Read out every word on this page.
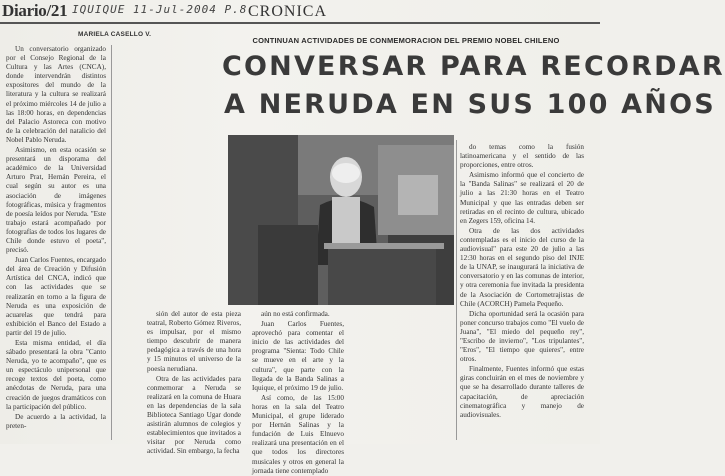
Diario/21 IQUIQUE 11-Jul-2004 P.8 CRONICA
MARIELA CASELLO V.
CONTINUAN ACTIVIDADES DE CONMEMORACION DEL PREMIO NOBEL CHILENO
CONVERSAR PARA RECORDAR
A NERUDA EN SUS 100 AÑOS

Un conversatorio organizado por el Consejo Regional de la Cultura y las Artes (CNCA), donde intervendrán distintos expositores del mundo de la literatura y la cultura se realizará el próximo miércoles 14 de julio a las 18:00 horas, en dependencias del Palacio Astoreca con motivo de la celebración del natalicio del Nobel Pablo Neruda.

Asimismo, en esta ocasión se presentará un disporama del académico de la Universidad Arturo Prat, Hernán Pereira, el cual según su autor es una asociación de imágenes fotográficas, música y fragmentos de poesía leídos por Neruda. "Este trabajo estará acompañado por fotografías de todos los lugares de Chile donde estuvo el poeta", precisó.

Juan Carlos Fuentes, encargado del área de Creación y Difusión Artística del CNCA, indicó que con las actividades que se realizarán en torno a la figura de Neruda es una exposición de acuarelas que tendrá para exhibición el Banco del Estado a partir del 19 de julio.

Esta misma entidad, el día sábado presentará la obra "Canto Neruda, yo te acompaño", que es un espectáculo unipersonal que recoge textos del poeta, como anécdotas de Neruda, para una creación de juegos dramáticos con la participación del público.

De acuerdo a la actividad, la preten-

sión del autor de esta pieza teatral, Roberto Gómez Riveros, es impulsar, por el mismo tiempo descubrir de manera pedagógica a través de una hora y 15 minutos el universo de la poesía nerudiana.

Otra de las actividades para conmemorar a Neruda se realizará en la comuna de Huara en las dependencias de la sala Biblioteca Santiago Ugar donde asistirán alumnos de colegios y establecimientos que invitados a visitar por Neruda como actividad. Sin embargo, la fecha

aún no está confirmada.

Juan Carlos Fuentes, aprovechó para comentar el inicio de las actividades del programa "Sienta: Todo Chile se mueve en el arte y la cultura", que parte con la llegada de la Banda Salinas a Iquique, el próximo 19 de julio.

Así como, de las 15:00 horas en la sala del Teatro Municipal, el grupe liderado por Hernán Salinas y la fundación de Luis Elnuevo realizará una presentación en el que todos los directores musicales y otros en general la jornada tiene contemplado

do temas como la fusión latinoamericana y el sentido de las proporciones, entre otros.

Asimismo informó que el concierto de la "Banda Salinas" se realizará el 20 de julio a las 21:30 horas en el Teatro Municipal y que las entradas deben ser retiradas en el recinto de cultura, ubicado en Zegers 159, oficina 14.

Otra de las dos actividades contempladas es el inicio del curso de la audiovisual" para este 20 de julio a las 12:30 horas en el segundo piso del INJE de la UNAP, se inaugurará la iniciativa de conversatorio y en las comunas de interior, y otra ceremonia fue invitada la presidenta de la Asociación de Cortometrajistas de Chile (ACORCH) Pamela Pequeño.

Dicha oportunidad será la ocasión para poner concurso trabajos como "El vuelo de Juana", "El miedo del pequeño rey", "Escribo de invierno", "Los tripulantes", "Eros", "El tiempo que quieres", entre otros.

Finalmente, Fuentes informó que estas giras concluirán en el mes de noviembre y que se ha desarrollado durante talleres de capacitación, de apreciación cinematográfica y manejo de audiovisuales.
